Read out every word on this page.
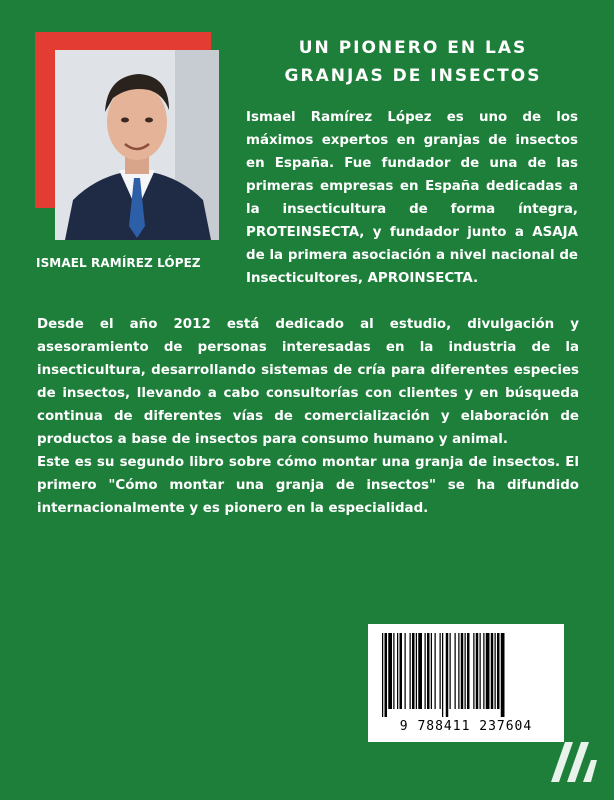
ISMAEL RAMÍREZ LÓPEZ
UN PIONERO EN LAS
GRANJAS DE INSECTOS
Ismael Ramírez López es uno de los máximos expertos en granjas de insectos en España. Fue fundador de una de las primeras empresas en España dedicadas a la insecticultura de forma íntegra, PROTEINSECTA, y fundador junto a ASAJA de la primera asociación a nivel nacional de Insecticultores, APROINSECTA.

Desde el año 2012 está dedicado al estudio, divulgación y asesoramiento de personas interesadas en la industria de la insecticultura, desarrollando sistemas de cría para diferentes especies de insectos, llevando a cabo consultorías con clientes y en búsqueda continua de diferentes vías de comercialización y elaboración de productos a base de insectos para consumo humano y animal.

Este es su segundo libro sobre cómo montar una granja de insectos. El primero "Cómo montar una granja de insectos" se ha difundido internacionalmente y es pionero en la especialidad.

9 788411 237604
